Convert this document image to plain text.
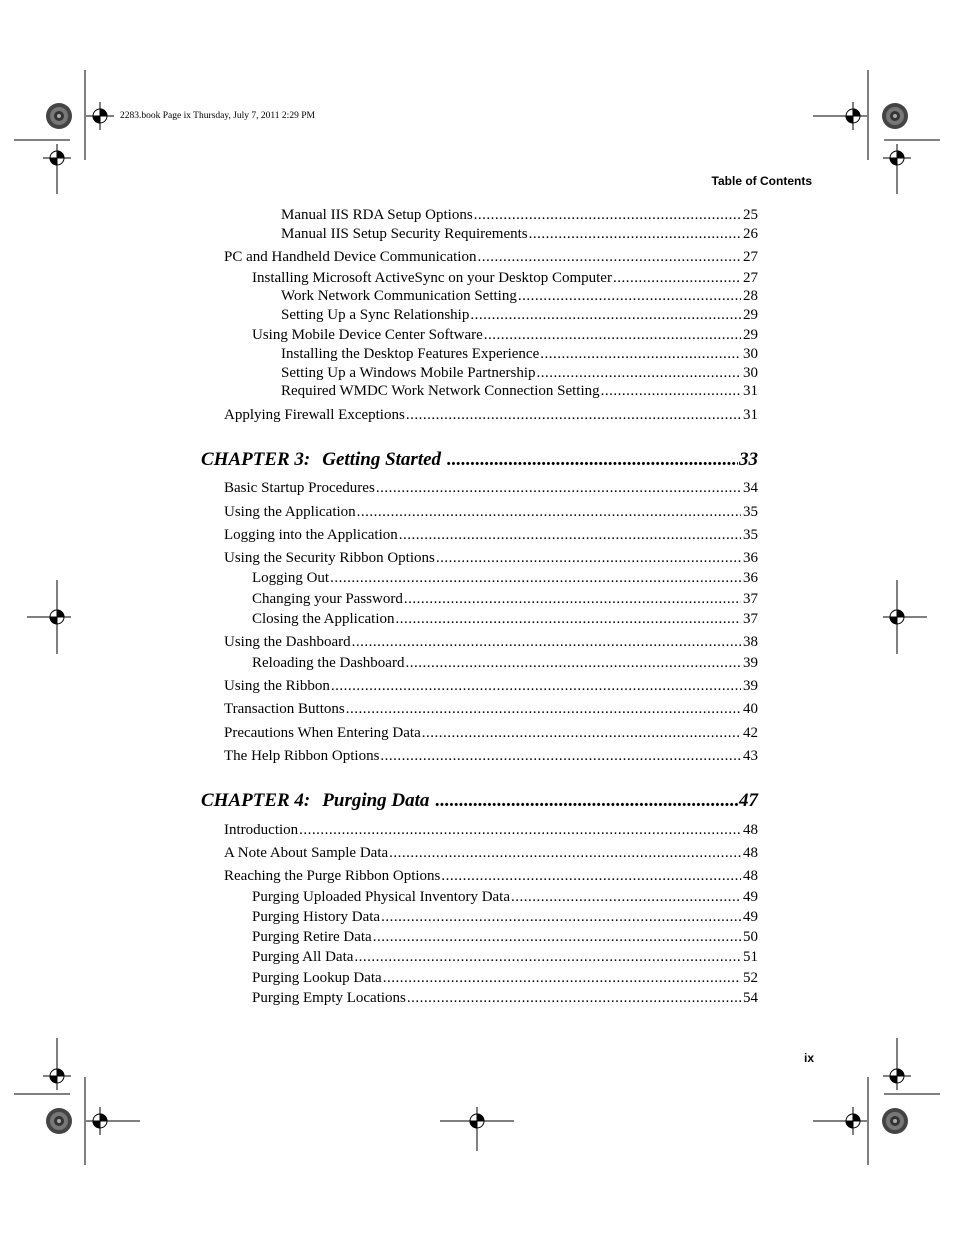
2283.book Page ix Thursday, July 7, 2011 2:29 PM
Table of Contents
Manual IIS RDA Setup Options .....	25
Manual IIS Setup Security Requirements .....	26
PC and Handheld Device Communication .....	27
Installing Microsoft ActiveSync on your Desktop Computer .....	27
Work Network Communication Setting .....	28
Setting Up a Sync Relationship .....	29
Using Mobile Device Center Software .....	29
Installing the Desktop Features Experience .....	30
Setting Up a Windows Mobile Partnership .....	30
Required WMDC Work Network Connection Setting .....	31
Applying Firewall Exceptions .....	31
CHAPTER 3: Getting Started .....	33
Basic Startup Procedures .....	34
Using the Application .....	35
Logging into the Application .....	35
Using the Security Ribbon Options .....	36
Logging Out .....	36
Changing your Password .....	37
Closing the Application .....	37
Using the Dashboard .....	38
Reloading the Dashboard .....	39
Using the Ribbon .....	39
Transaction Buttons .....	40
Precautions When Entering Data .....	42
The Help Ribbon Options .....	43
CHAPTER 4: Purging Data .....	47
Introduction .....	48
A Note About Sample Data .....	48
Reaching the Purge Ribbon Options .....	48
Purging Uploaded Physical Inventory Data .....	49
Purging History Data .....	49
Purging Retire Data .....	50
Purging All Data .....	51
Purging Lookup Data .....	52
Purging Empty Locations .....	54
ix
